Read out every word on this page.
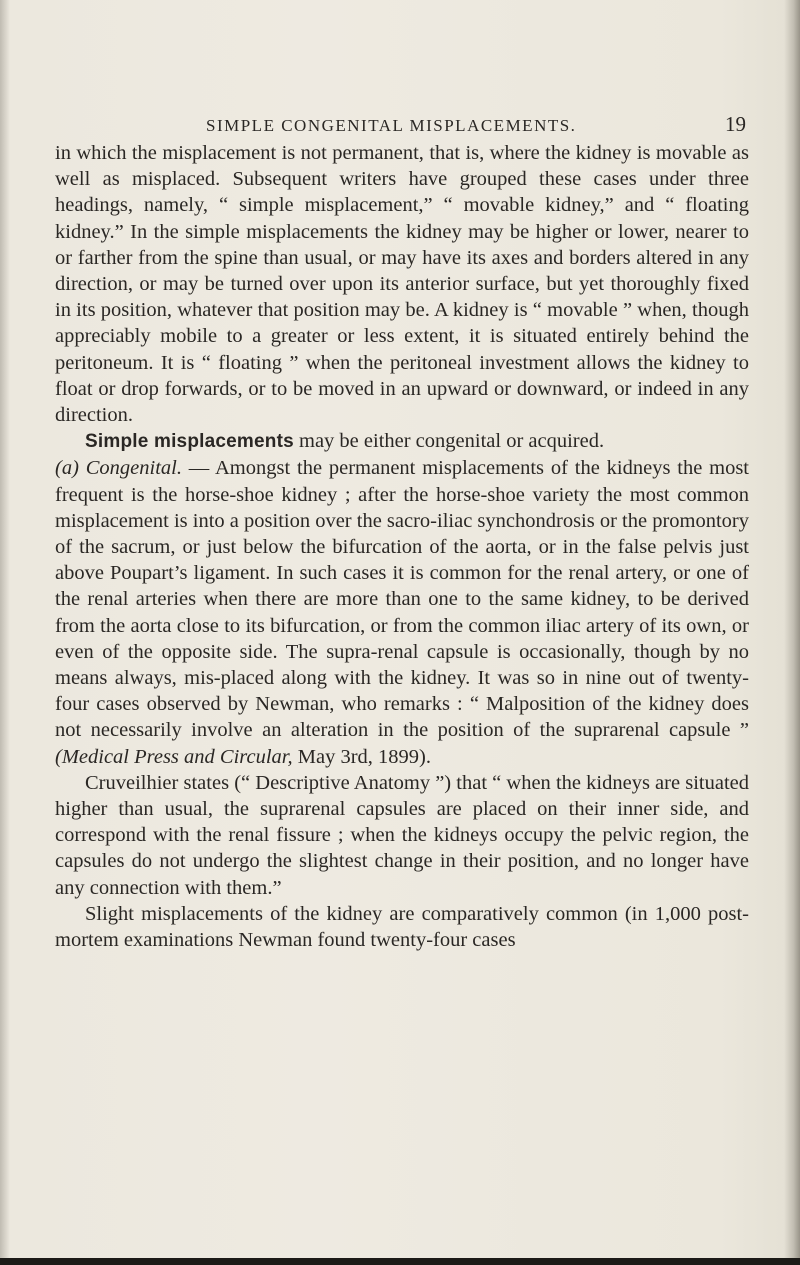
SIMPLE CONGENITAL MISPLACEMENTS.	19

in which the misplacement is not permanent, that is, where the kidney is movable as well as misplaced. Subsequent writers have grouped these cases under three headings, namely, “ simple misplacement,” “ movable kidney,” and “ floating kidney.” In the simple misplacements the kidney may be higher or lower, nearer to or farther from the spine than usual, or may have its axes and borders altered in any direction, or may be turned over upon its anterior surface, but yet thoroughly fixed in its position, whatever that position may be. A kidney is “ movable ” when, though appreciably mobile to a greater or less extent, it is situated entirely behind the peritoneum. It is “ floating ” when the peritoneal investment allows the kidney to float or drop forwards, or to be moved in an upward or downward, or indeed in any direction.

Simple misplacements may be either congenital or acquired.

(a) Congenital. — Amongst the permanent misplacements of the kidneys the most frequent is the horse-shoe kidney ; after the horse-shoe variety the most common misplacement is into a position over the sacro-iliac synchondrosis or the promontory of the sacrum, or just below the bifurcation of the aorta, or in the false pelvis just above Poupart’s ligament. In such cases it is common for the renal artery, or one of the renal arteries when there are more than one to the same kidney, to be derived from the aorta close to its bifurcation, or from the common iliac artery of its own, or even of the opposite side. The supra-renal capsule is occasionally, though by no means always, mis-placed along with the kidney. It was so in nine out of twenty-four cases observed by Newman, who remarks : “ Malposition of the kidney does not necessarily involve an alteration in the position of the suprarenal capsule ” (Medical Press and Circular, May 3rd, 1899).

Cruveilhier states (“ Descriptive Anatomy ”) that “ when the kidneys are situated higher than usual, the suprarenal capsules are placed on their inner side, and correspond with the renal fissure ; when the kidneys occupy the pelvic region, the capsules do not undergo the slightest change in their position, and no longer have any connection with them.”

Slight misplacements of the kidney are comparatively common (in 1,000 post-mortem examinations Newman found twenty-four cases
